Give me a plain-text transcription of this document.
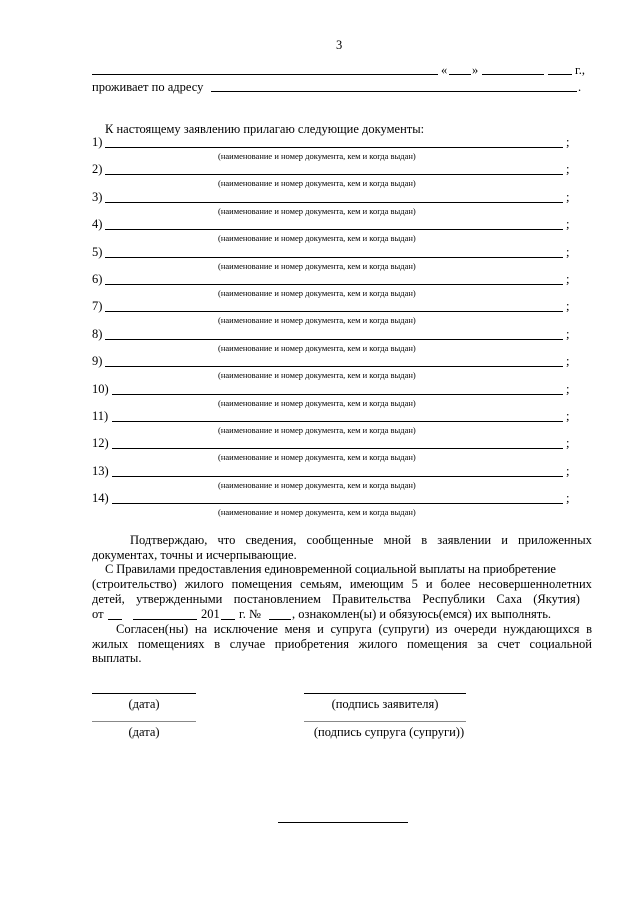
3
« »	г.,
проживает по адресу	.
К настоящему заявлению прилагаю следующие документы:
1)	;
(наименование и номер документа, кем и когда выдан)
2)	;
(наименование и номер документа, кем и когда выдан)
3)	;
(наименование и номер документа, кем и когда выдан)
4)	;
(наименование и номер документа, кем и когда выдан)
5)	;
(наименование и номер документа, кем и когда выдан)
6)	;
(наименование и номер документа, кем и когда выдан)
7)	;
(наименование и номер документа, кем и когда выдан)
8)	;
(наименование и номер документа, кем и когда выдан)
9)	;
(наименование и номер документа, кем и когда выдан)
10)	;
(наименование и номер документа, кем и когда выдан)
11)	;
(наименование и номер документа, кем и когда выдан)
12)	;
(наименование и номер документа, кем и когда выдан)
13)	;
(наименование и номер документа, кем и когда выдан)
14)	;
(наименование и номер документа, кем и когда выдан)
Подтверждаю, что сведения, сообщенные мной в заявлении и приложенных
документах, точны и исчерпывающие.
С Правилами предоставления единовременной социальной выплаты на приобретение
(строительство) жилого помещения семьям, имеющим 5 и более несовершеннолетних
детей, утвержденными постановлением Правительства Республики Саха (Якутия)
от	201 г. № , ознакомлен(ы) и обязуюсь(емся) их выполнять.
Согласен(ны) на исключение меня и супруга (супруги) из очереди нуждающихся в
жилых помещениях в случае приобретения жилого помещения за счет социальной
выплаты.
(дата)	(подпись заявителя)
(дата)	(подпись супруга (супруги))
